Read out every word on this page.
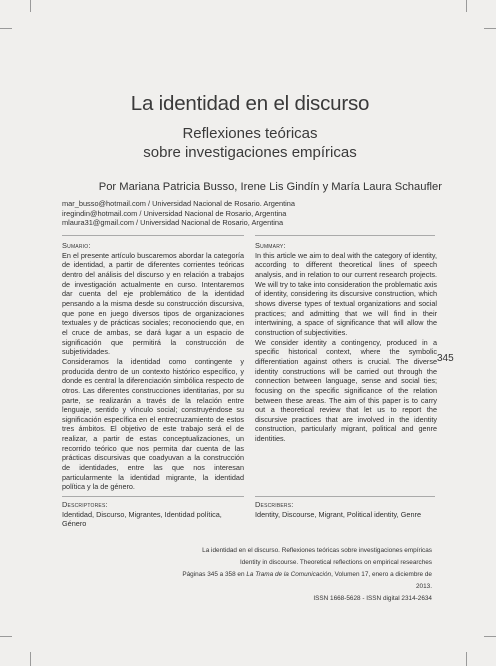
La identidad en el discurso
Reflexiones teóricas
sobre investigaciones empíricas
Por Mariana Patricia Busso, Irene Lis Gindín y María Laura Schaufler
mar_busso@hotmail.com / Universidad Nacional de Rosario. Argentina
iregindin@hotmail.com / Universidad Nacional de Rosario, Argentina
mlaura31@gmail.com / Universidad Nacional de Rosario, Argentina
Sumario:

En el presente artículo buscaremos abordar la categoría de identidad, a partir de diferentes corrientes teóricas dentro del análisis del discurso y en relación a trabajos de investigación actualmente en curso. Intentaremos dar cuenta del eje problemático de la identidad pensando a la misma desde su construcción discursiva, que pone en juego diversos tipos de organizaciones textuales y de prácticas sociales; reconociendo que, en el cruce de ambas, se dará lugar a un espacio de significación que permitirá la construcción de subjetividades.

Consideramos la identidad como contingente y producida dentro de un contexto histórico específico, y donde es central la diferenciación simbólica respecto de otros. Las diferentes construcciones identitarias, por su parte, se realizarán a través de la relación entre lenguaje, sentido y vínculo social; construyéndose su significación específica en el entrecruzamiento de estos tres ámbitos. El objetivo de este trabajo será el de realizar, a partir de estas conceptualizaciones, un recorrido teórico que nos permita dar cuenta de las prácticas discursivas que coadyuvan a la construcción de identidades, entre las que nos interesan particularmente la identidad migrante, la identidad política y la de género.

Summary:

In this article we aim to deal with the category of identity, according to different theoretical lines of speech analysis, and in relation to our current research projects. We will try to take into consideration the problematic axis of identity, considering its discursive construction, which shows diverse types of textual organizations and social practices; and admitting that we will find in their intertwining, a space of significance that will allow the construction of subjectivities.

We consider identity a contingency, produced in a specific historical context, where the symbolic differentiation against others is crucial. The diverse identity constructions will be carried out through the connection between language, sense and social ties; focusing on the specific significance of the relation between these areas. The aim of this paper is to carry out a theoretical review that let us to report the discursive practices that are involved in the identity construction, particularly migrant, political and genre identities.

345
Descriptores:
Identidad, Discurso, Migrantes, Identidad política, Género
Describers:
Identity, Discourse, Migrant, Political identity, Genre
La identidad en el discurso. Reflexiones teóricas sobre investigaciones empíricas
Identity in discourse. Theoretical reflections on empirical researches
Páginas 345 a 358 en La Trama de la Comunicación, Volumen 17, enero a diciembre de 2013.
ISSN 1668-5628 - ISSN digital 2314-2634
